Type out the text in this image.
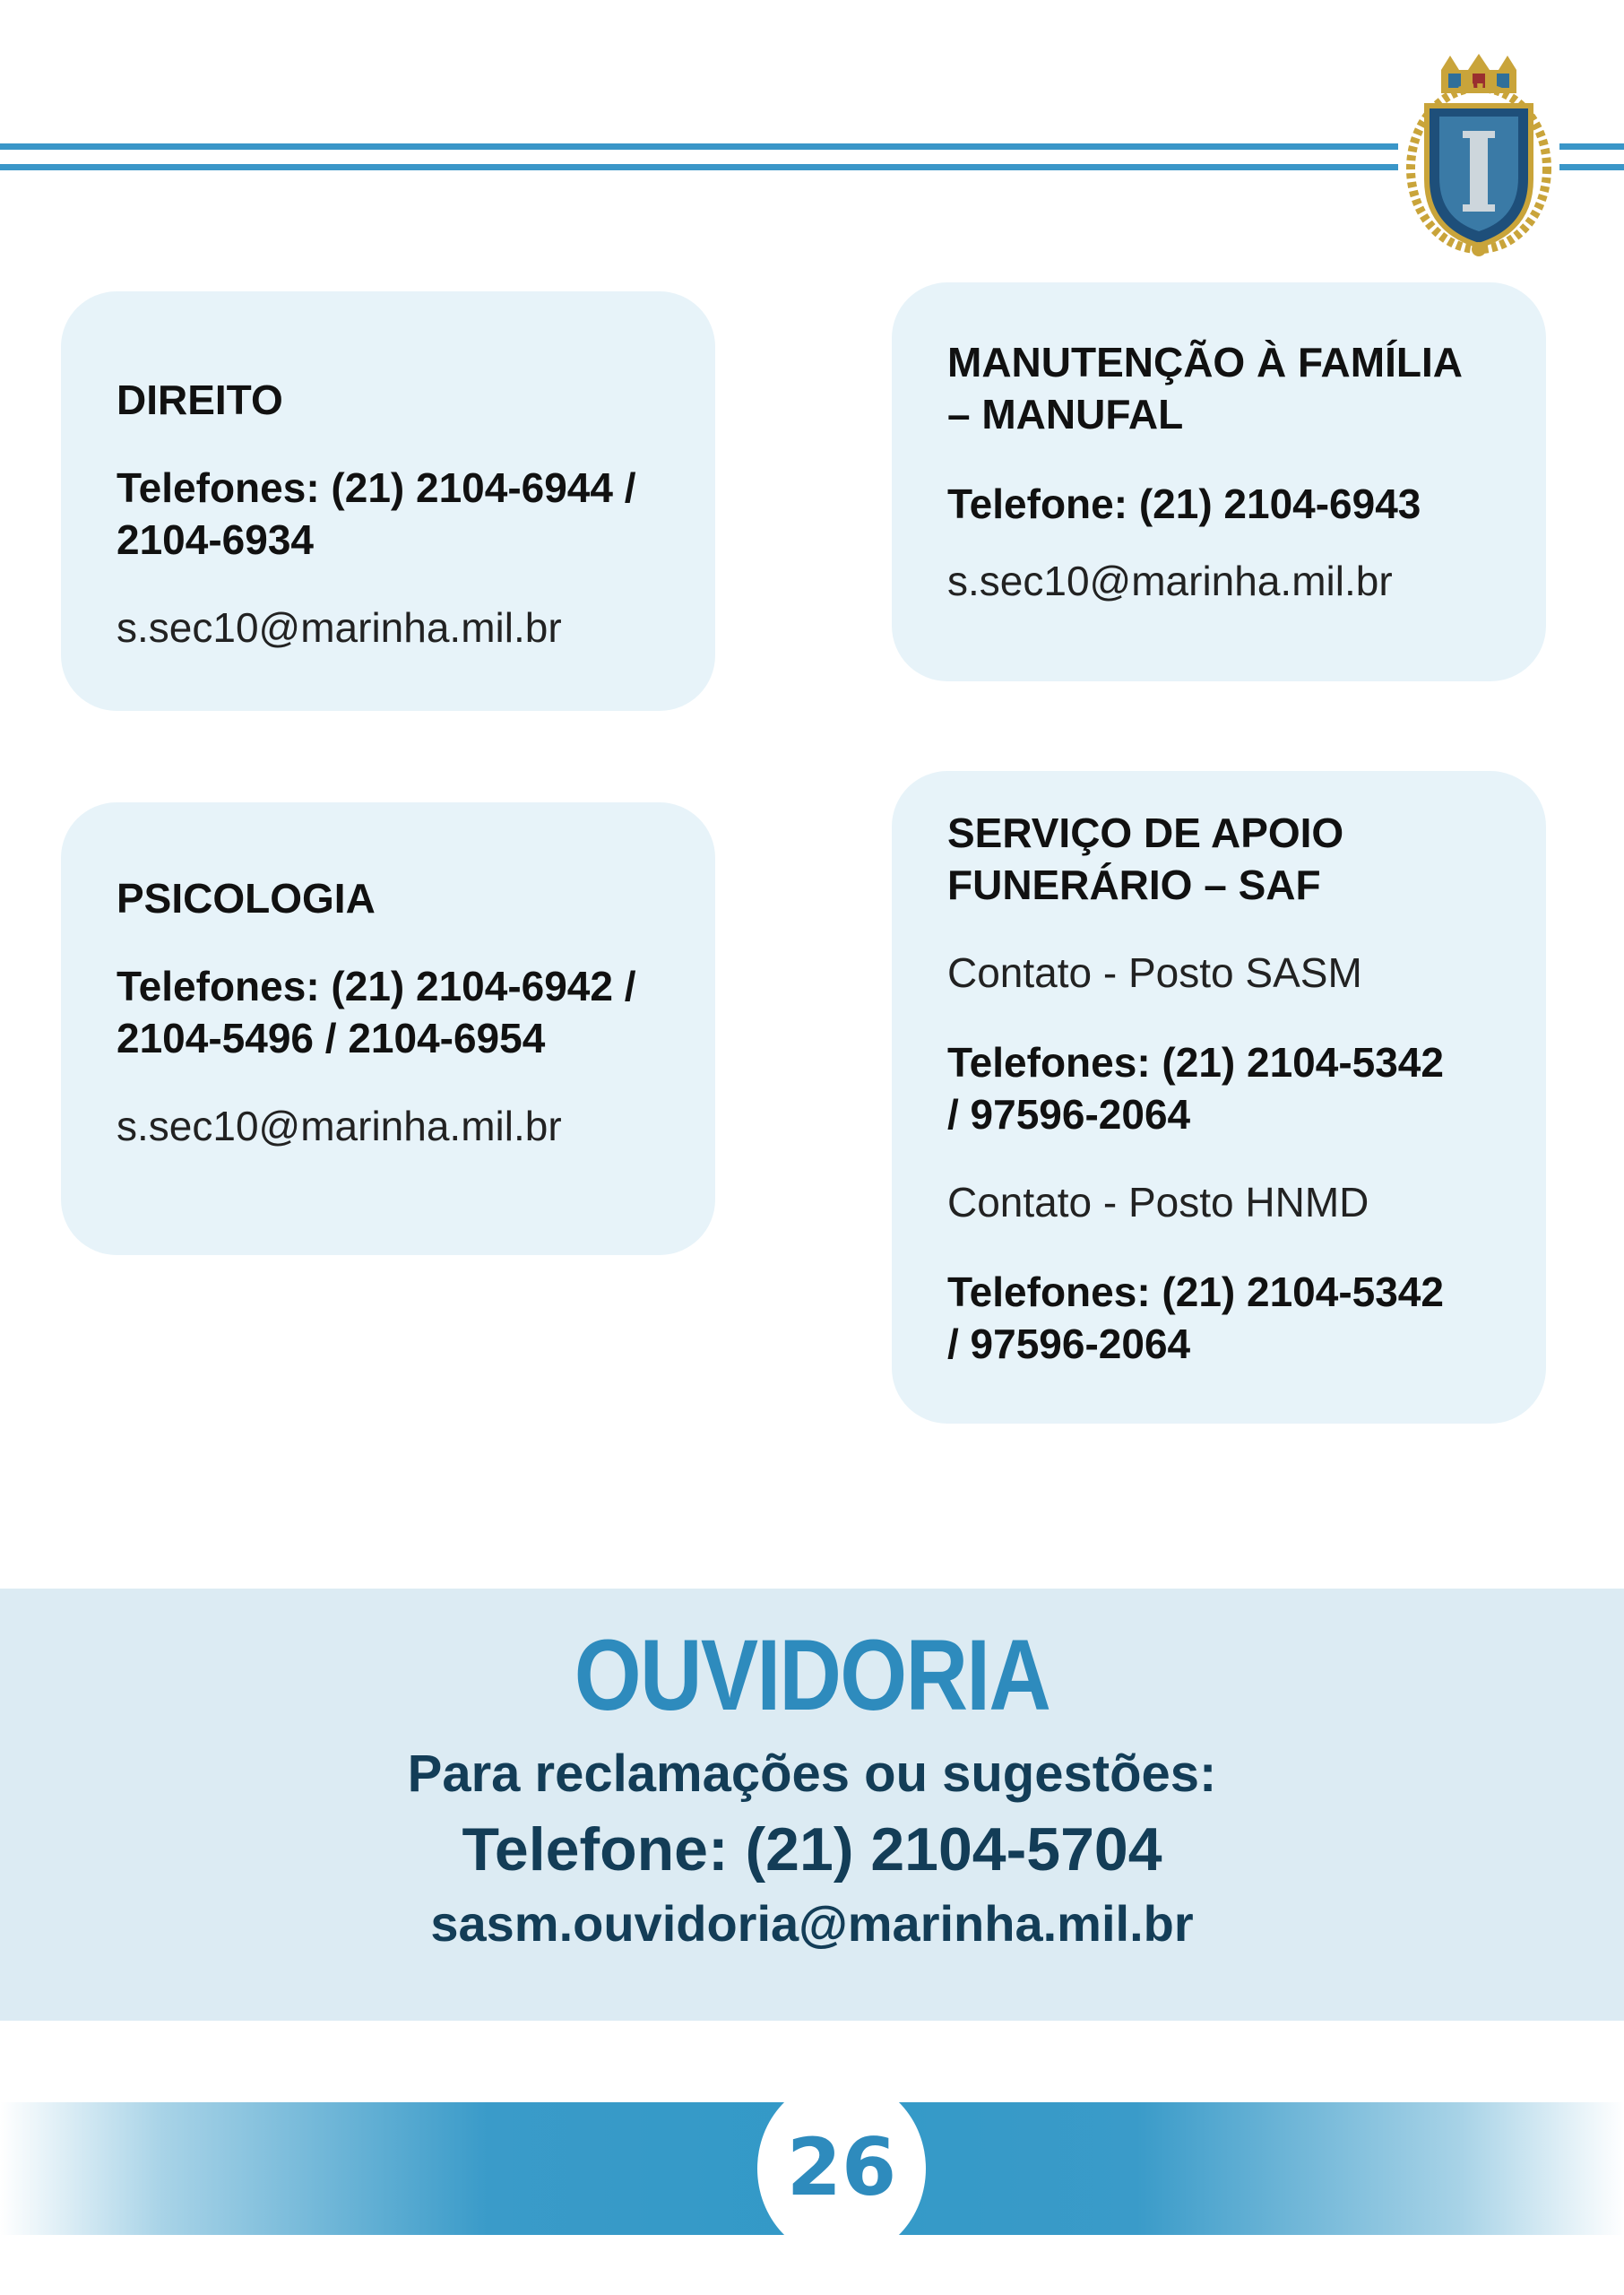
DIREITO
Telefones: (21) 2104-6944 /
2104-6934
s.sec10@marinha.mil.br
MANUTENÇÃO À FAMÍLIA
– MANUFAL
Telefone: (21) 2104-6943
s.sec10@marinha.mil.br
PSICOLOGIA
Telefones: (21) 2104-6942 /
2104-5496 / 2104-6954
s.sec10@marinha.mil.br
SERVIÇO DE APOIO
FUNERÁRIO – SAF
Contato - Posto SASM
Telefones: (21) 2104-5342
/ 97596-2064
Contato - Posto HNMD
Telefones: (21) 2104-5342
/ 97596-2064
OUVIDORIA
Para reclamações ou sugestões:
Telefone: (21) 2104-5704
sasm.ouvidoria@marinha.mil.br
26
